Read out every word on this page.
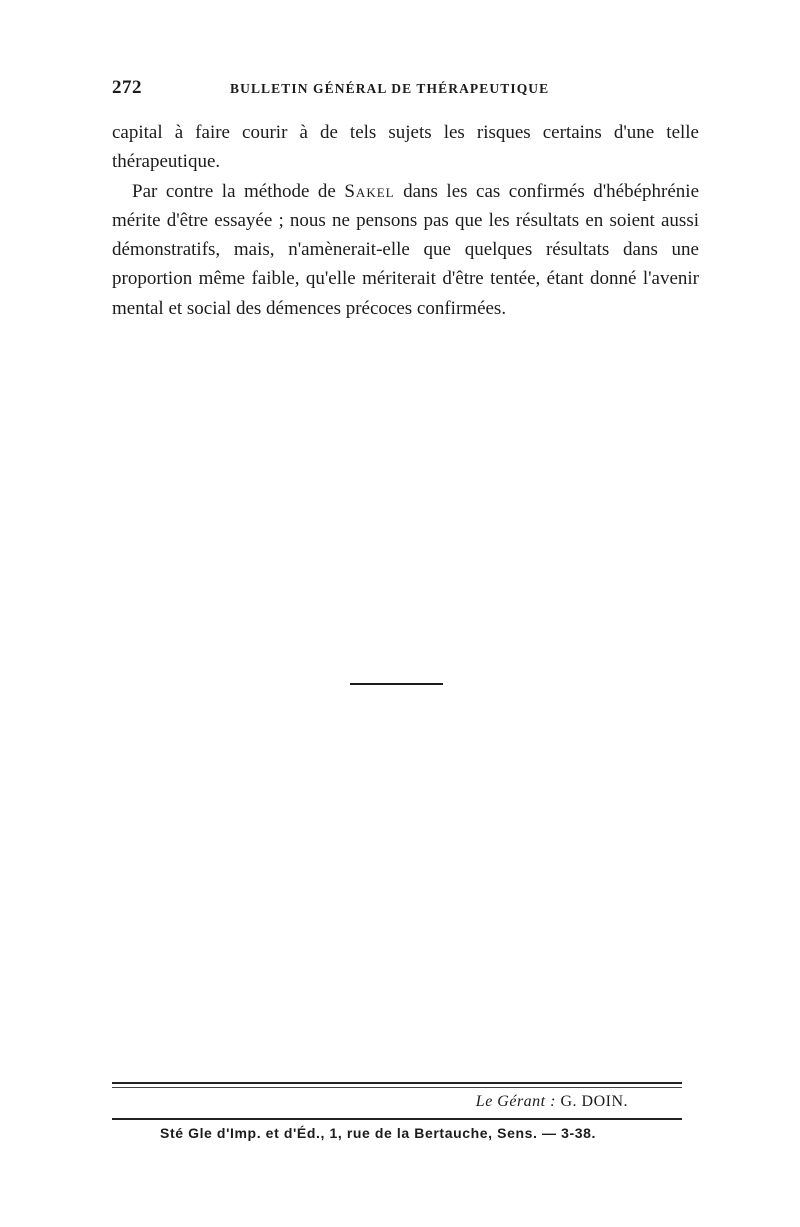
272	BULLETIN GÉNÉRAL DE THÉRAPEUTIQUE

capital à faire courir à de tels sujets les risques certains d'une telle thérapeutique.

Par contre la méthode de Sakel dans les cas confirmés d'hébéphrénie mérite d'être essayée ; nous ne pensons pas que les résultats en soient aussi démonstratifs, mais, n'amènerait-elle que quelques résultats dans une proportion même faible, qu'elle mériterait d'être tentée, étant donné l'avenir mental et social des démences précoces confirmées.

Le Gérant : G. DOIN.
Sté Gle d'Imp. et d'Éd., 1, rue de la Bertauche, Sens. — 3-38.
